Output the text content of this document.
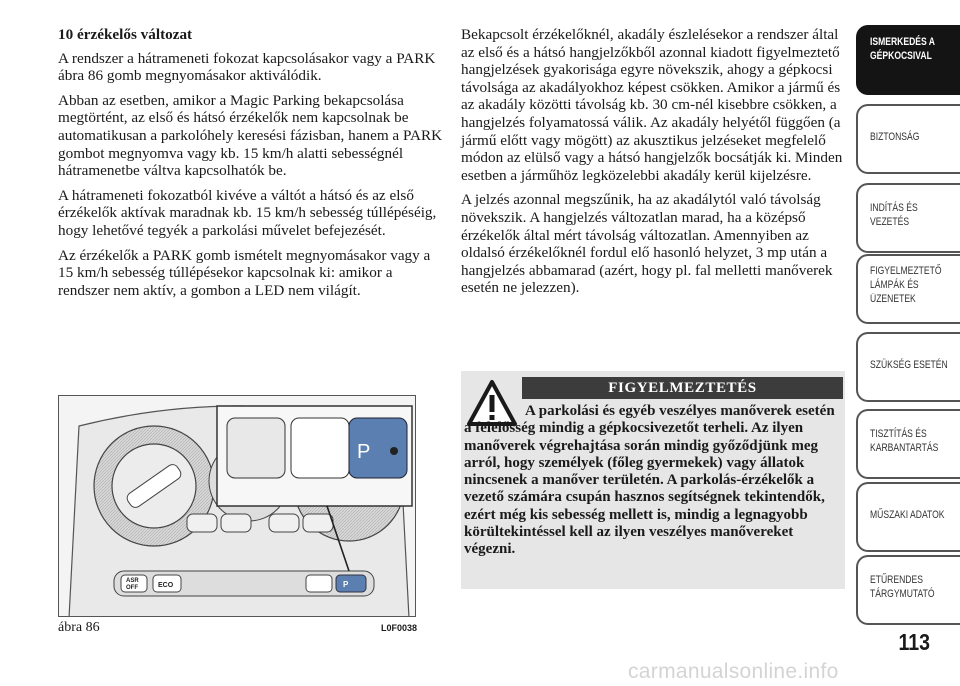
10 érzékelős változat

A rendszer a hátrameneti fokozat kapcsolásakor vagy a PARK ábra 86 gomb megnyomásakor aktiválódik.

Abban az esetben, amikor a Magic Parking bekapcsolása megtörtént, az első és hátsó érzékelők nem kapcsolnak be automatikusan a parkolóhely keresési fázisban, hanem a PARK gombot megnyomva vagy kb. 15 km/h alatti sebességnél hátramenetbe váltva kapcsolhatók be.

A hátrameneti fokozatból kivéve a váltót a hátsó és az első érzékelők aktívak maradnak kb. 15 km/h sebesség túllépéséig, hogy lehetővé tegyék a parkolási művelet befejezését.

Az érzékelők a PARK gomb ismételt megnyomásakor vagy a 15 km/h sebesség túllépésekor kapcsolnak ki: amikor a rendszer nem aktív, a gombon a LED nem világít.

Bekapcsolt érzékelőknél, akadály észlelésekor a rendszer által az első és a hátsó hangjelzőkből azonnal kiadott figyelmeztető hangjelzések gyakorisága egyre növekszik, ahogy a gépkocsi távolsága az akadályokhoz képest csökken. Amikor a jármű és az akadály közötti távolság kb. 30 cm-nél kisebbre csökken, a hangjelzés folyamatossá válik. Az akadály helyétől függően (a jármű előtt vagy mögött) az akusztikus jelzéseket megfelelő módon az elülső vagy a hátsó hangjelzők bocsátják ki. Minden esetben a járműhöz legközelebbi akadály kerül kijelzésre.

A jelzés azonnal megszűnik, ha az akadálytól való távolság növekszik. A hangjelzés változatlan marad, ha a középső érzékelők által mért távolság változatlan. Amennyiben az oldalsó érzékelőknél fordul elő hasonló helyzet, 3 mp után a hangjelzés abbamarad (azért, hogy pl. fal melletti manőverek esetén ne jelezzen).

FIGYELMEZTETÉS
A parkolási és egyéb veszélyes manőverek esetén a felelősség mindig a gépkocsivezetőt terheli. Az ilyen manőverek végrehajtása során mindig győződjünk meg arról, hogy személyek (főleg gyermekek) vagy állatok nincsenek a manőver területén. A parkolás-érzékelők a vezető számára csupán hasznos segítségnek tekintendők, ezért még kis sebesség mellett is, mindig a legnagyobb körültekintéssel kell az ilyen veszélyes manővereket végezni.
ASR
OFF	ECO	P
P
ábra 86	L0F0038
ISMERKEDÉS A
GÉPKOCSIVAL
BIZTONSÁG
INDÍTÁS ÉS
VEZETÉS
FIGYELMEZTETŐ
LÁMPÁK ÉS
ÜZENETEK
SZÜKSÉG ESETÉN
TISZTÍTÁS ÉS
KARBANTARTÁS
MŰSZAKI ADATOK
ETŰRENDES
TÁRGYMUTATÓ
113
carmanualsonline.info
